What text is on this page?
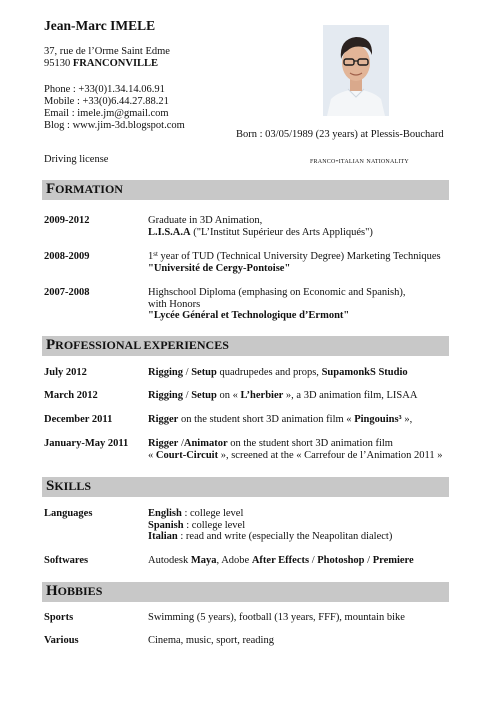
Jean-Marc IMELE
37, rue de l’Orme Saint Edme
95130 FRANCONVILLE
Phone : +33(0)1.34.14.06.91
Mobile : +33(0)6.44.27.88.21
Email : imele.jm@gmail.com
Blog : www.jim-3d.blogspot.com
Born : 03/05/1989 (23 years) at Plessis-Bouchard
Driving license	franco-italian nationality
FORMATION
2009-2012	Graduate in 3D Animation,
L.I.S.A.A ("L’Institut Supérieur des Arts Appliqués")
2008-2009	1st year of TUD (Technical University Degree) Marketing Techniques
"Université de Cergy-Pontoise"
2007-2008	Highschool Diploma (emphasing on Economic and Spanish),
with Honors
"Lycée Général et Technologique d’Ermont"
PROFESSIONAL EXPERIENCES
July 2012	Rigging / Setup quadrupedes and props, SupamonkS Studio
March 2012	Rigging / Setup on « L’herbier », a 3D animation film, LISAA
December 2011	Rigger on the student short 3D animation film « Pingouins³ »,
January-May 2011 Rigger /Animator on the student short 3D animation film
« Court-Circuit », screened at the « Carrefour de l’Animation 2011 »
SKILLS
Languages	English : college level
Spanish : college level
Italian : read and write (especially the Neapolitan dialect)
Softwares	Autodesk Maya, Adobe After Effects / Photoshop / Premiere
HOBBIES
Sports	Swimming (5 years), football (13 years, FFF), mountain bike
Various	Cinema, music, sport, reading
